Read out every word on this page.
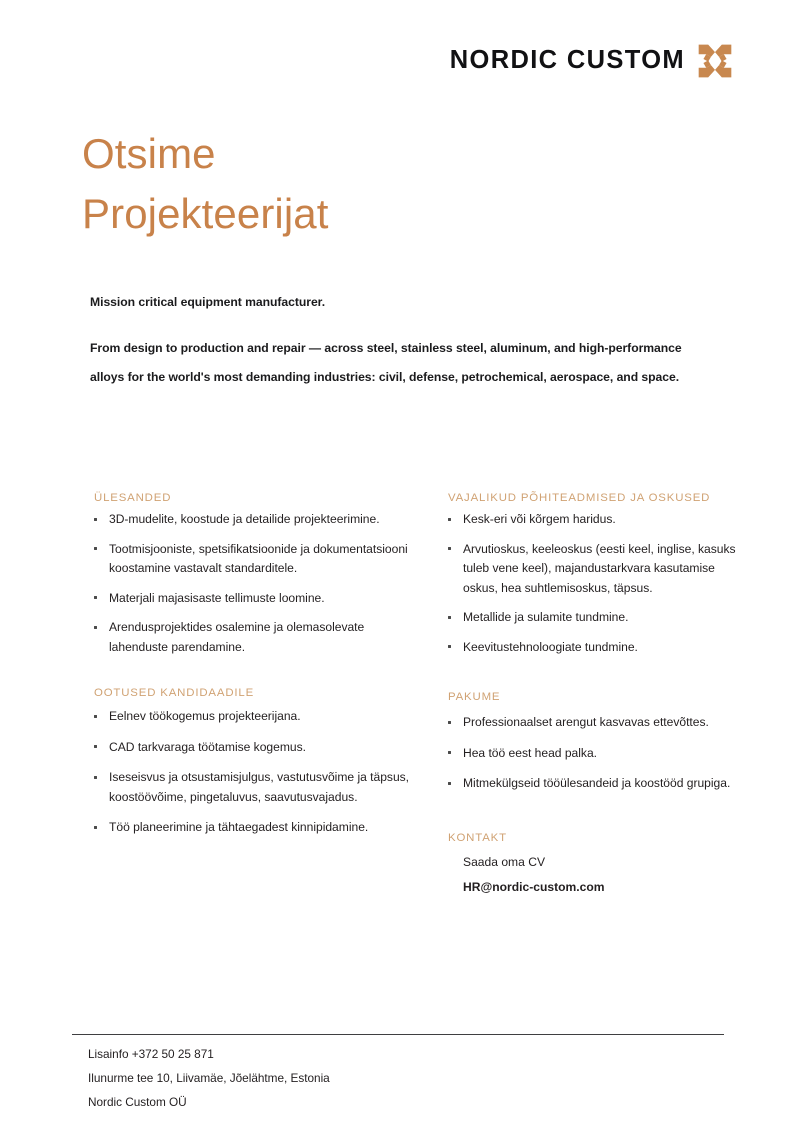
NORDIC CUSTOM
Otsime
Projekteerijat

Mission critical equipment manufacturer.

From design to production and repair — across steel, stainless steel, aluminum, and high-performance alloys for the world's most demanding industries: civil, defense, petrochemical, aerospace, and space.

ÜLESANDED
3D-mudelite, koostude ja detailide projekteerimine.
Tootmisjooniste, spetsifikatsioonide ja dokumentatsiooni koostamine vastavalt standarditele.
Materjali majasisaste tellimuste loomine.
Arendusprojektides osalemine ja olemasolevate lahenduste parendamine.
OOTUSED KANDIDAADILE
Eelnev töökogemus projekteerijana.
CAD tarkvaraga töötamise kogemus.
Iseseisvus ja otsustamisjulgus, vastutusvõime ja täpsus, koostöövõime, pingetaluvus, saavutusvajadus.
Töö planeerimine ja tähtaegadest kinnipidamine.
VAJALIKUD PÕHITEADMISED JA OSKUSED
Kesk-eri või kõrgem haridus.
Arvutioskus, keeleoskus (eesti keel, inglise, kasuks tuleb vene keel), majandustarkvara kasutamise oskus, hea suhtlemisoskus, täpsus.
Metallide ja sulamite tundmine.
Keevitustehnoloogiate tundmine.
PAKUME
Professionaalset arengut kasvavas ettevõttes.
Hea töö eest head palka.
Mitmekülgseid tööülesandeid ja koostööd grupiga.
KONTAKT
Saada oma CV
HR@nordic-custom.com
Lisainfo +372 50 25 871
Ilunurme tee 10, Liivamäe, Jõelähtme, Estonia
Nordic Custom OÜ
